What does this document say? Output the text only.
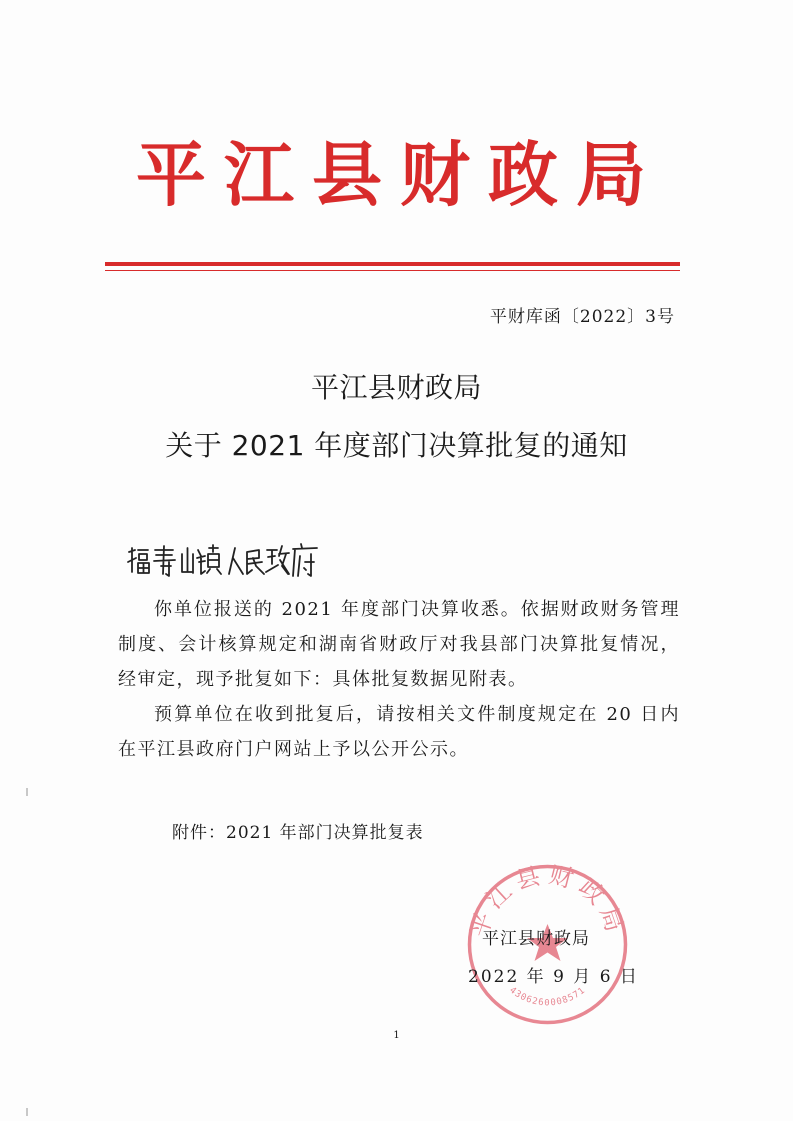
平江县财政局
平财库函〔2022〕3号
平江县财政局
关于 2021 年度部门决算批复的通知

你单位报送的 2021 年度部门决算收悉。依据财政财务管理制度、会计核算规定和湖南省财政厅对我县部门决算批复情况，经审定，现予批复如下：具体批复数据见附表。

预算单位在收到批复后，请按相关文件制度规定在 20 日内在平江县政府门户网站上予以公开公示。

附件：2021 年部门决算批复表
平江县财政局
4306260008571
平江县财政局
2022 年 9 月 6 日
1
